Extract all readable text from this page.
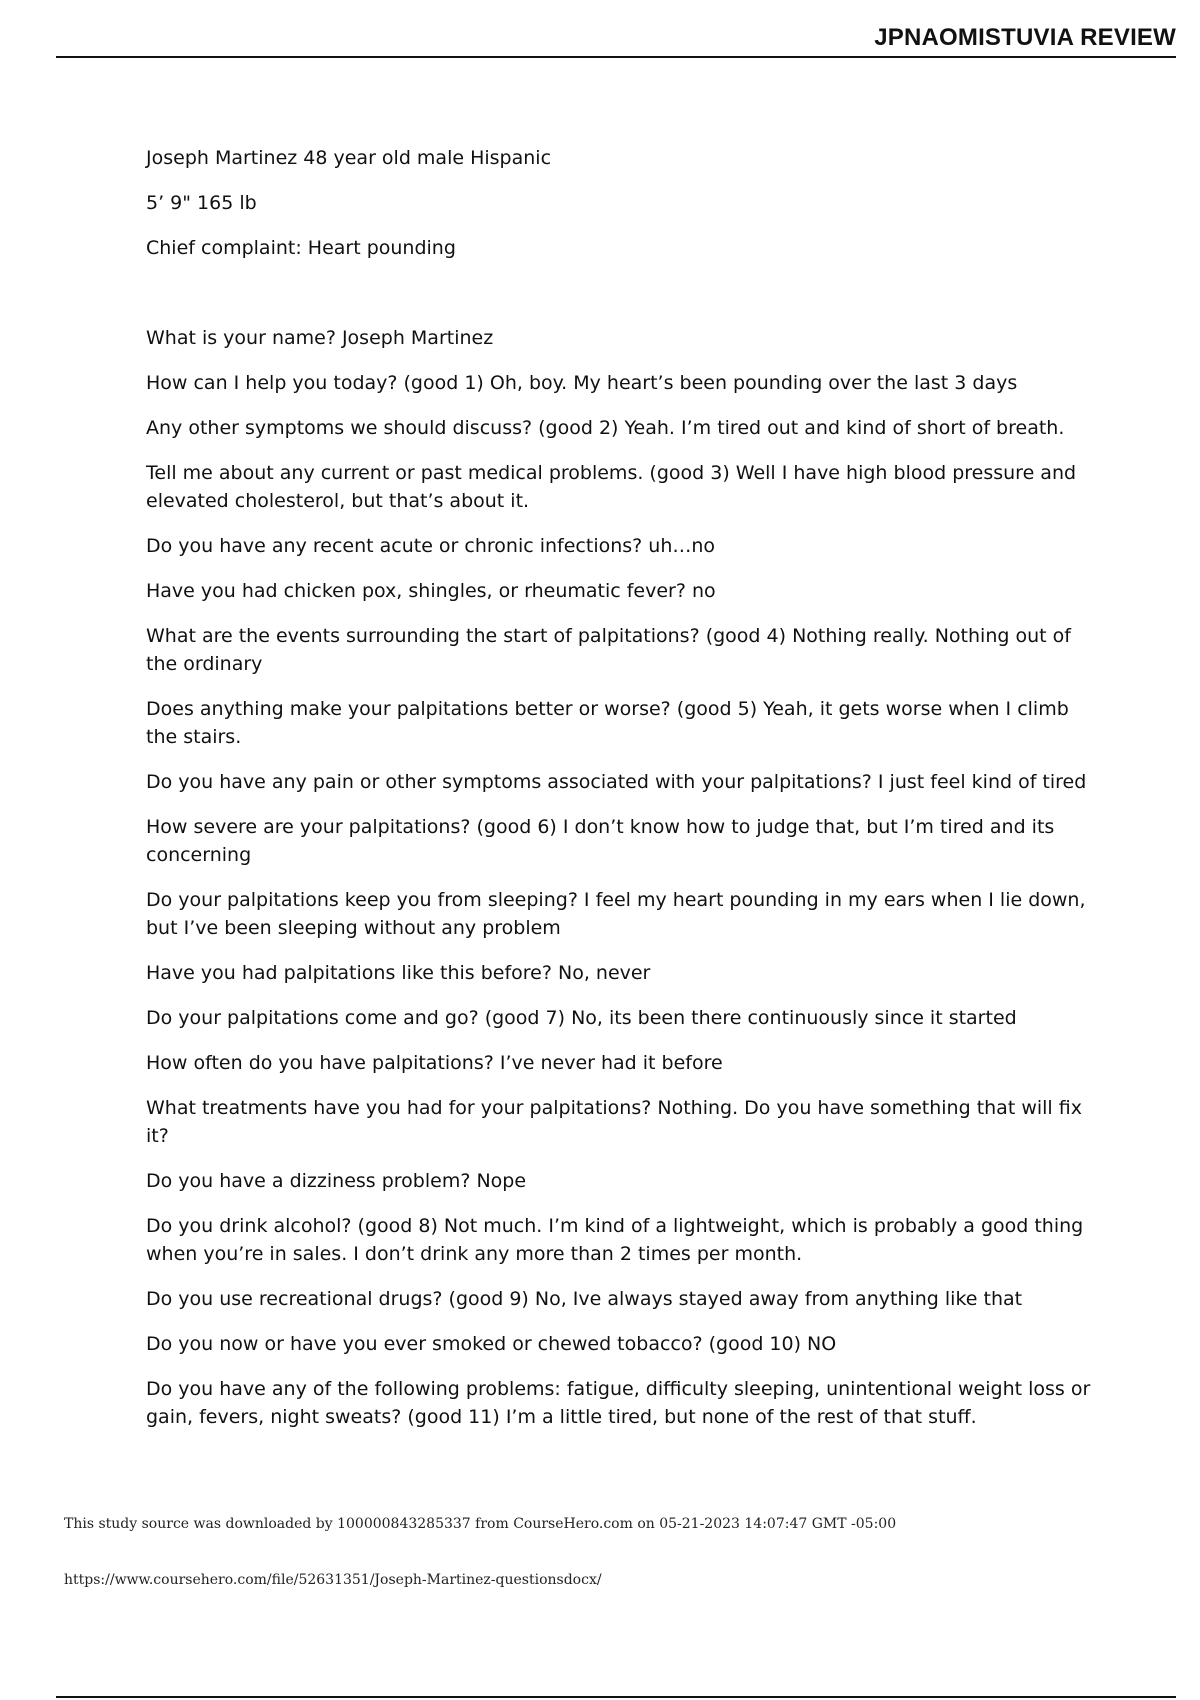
JPNAOMISTUVIA REVIEW
Joseph Martinez 48 year old male Hispanic
5’ 9" 165 lb
Chief complaint: Heart pounding
What is your name? Joseph Martinez
How can I help you today? (good 1) Oh, boy. My heart’s been pounding over the last 3 days
Any other symptoms we should discuss? (good 2) Yeah. I’m tired out and kind of short of breath.
Tell me about any current or past medical problems. (good 3) Well I have high blood pressure and elevated cholesterol, but that’s about it.
Do you have any recent acute or chronic infections? uh…no
Have you had chicken pox, shingles, or rheumatic fever? no
What are the events surrounding the start of palpitations? (good 4) Nothing really. Nothing out of the ordinary
Does anything make your palpitations better or worse? (good 5) Yeah, it gets worse when I climb the stairs.
Do you have any pain or other symptoms associated with your palpitations? I just feel kind of tired
How severe are your palpitations? (good 6) I don’t know how to judge that, but I’m tired and its concerning
Do your palpitations keep you from sleeping? I feel my heart pounding in my ears when I lie down, but I’ve been sleeping without any problem
Have you had palpitations like this before? No, never
Do your palpitations come and go? (good 7) No, its been there continuously since it started
How often do you have palpitations? I’ve never had it before
What treatments have you had for your palpitations? Nothing. Do you have something that will fix it?
Do you have a dizziness problem? Nope
Do you drink alcohol? (good 8) Not much. I’m kind of a lightweight, which is probably a good thing when you’re in sales. I don’t drink any more than 2 times per month.
Do you use recreational drugs? (good 9) No, Ive always stayed away from anything like that
Do you now or have you ever smoked or chewed tobacco? (good 10) NO
Do you have any of the following problems: fatigue, difficulty sleeping, unintentional weight loss or gain, fevers, night sweats? (good 11) I’m a little tired, but none of the rest of that stuff.
This study source was downloaded by 100000843285337 from CourseHero.com on 05-21-2023 14:07:47 GMT -05:00
https://www.coursehero.com/file/52631351/Joseph-Martinez-questionsdocx/
